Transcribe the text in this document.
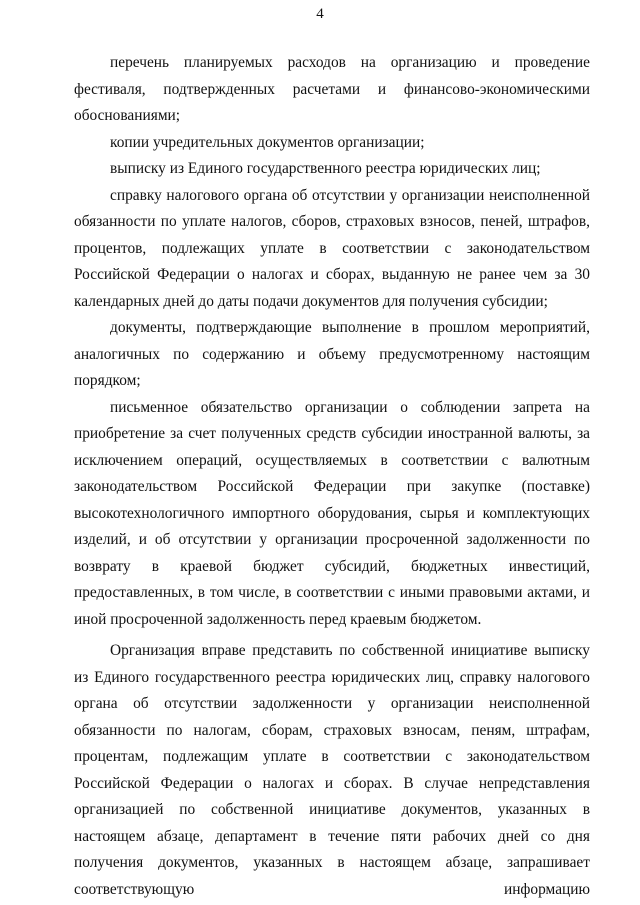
4

перечень планируемых расходов на организацию и проведение фестиваля, подтвержденных расчетами и финансово-экономическими обоснованиями;

копии учредительных документов организации;

выписку из Единого государственного реестра юридических лиц;

справку налогового органа об отсутствии у организации неисполненной обязанности по уплате налогов, сборов, страховых взносов, пеней, штрафов, процентов, подлежащих уплате в соответствии с законодательством Российской Федерации о налогах и сборах, выданную не ранее чем за 30 календарных дней до даты подачи документов для получения субсидии;

документы, подтверждающие выполнение в прошлом мероприятий, аналогичных по содержанию и объему предусмотренному настоящим порядком;

письменное обязательство организации о соблюдении запрета на приобретение за счет полученных средств субсидии иностранной валюты, за исключением операций, осуществляемых в соответствии с валютным законодательством Российской Федерации при закупке (поставке) высокотехнологичного импортного оборудования, сырья и комплектующих изделий, и об отсутствии у организации просроченной задолженности по возврату в краевой бюджет субсидий, бюджетных инвестиций, предоставленных, в том числе, в соответствии с иными правовыми актами, и иной просроченной задолженность перед краевым бюджетом.

Организация вправе представить по собственной инициативе выписку из Единого государственного реестра юридических лиц, справку налогового органа об отсутствии задолженности у организации неисполненной обязанности по налогам, сборам, страховых взносам, пеням, штрафам, процентам, подлежащим уплате в соответствии с законодательством Российской Федерации о налогах и сборах. В случае непредставления организацией по собственной инициативе документов, указанных в настоящем абзаце, департамент в течение пяти рабочих дней со дня получения документов, указанных в настоящем абзаце, запрашивает соответствующую информацию
